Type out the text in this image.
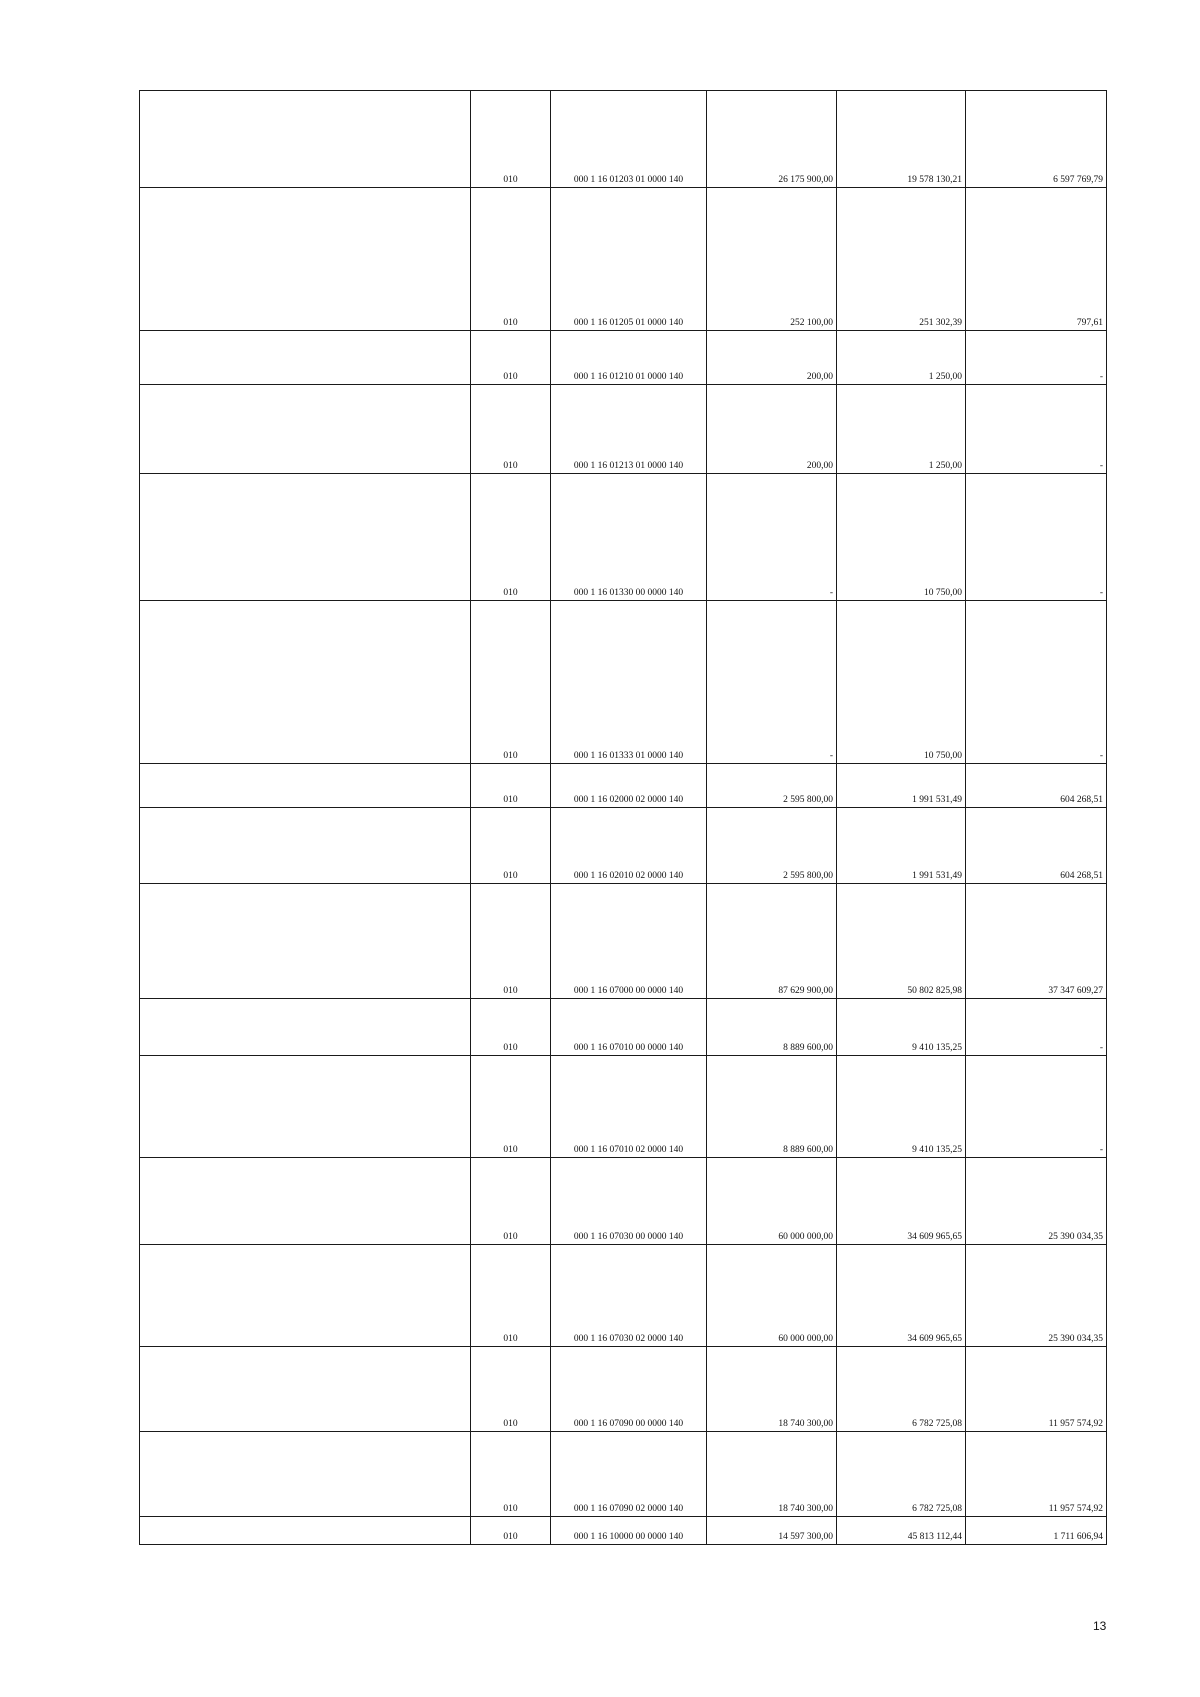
	010	000 1 16 01203 01 0000 140	26 175 900,00	19 578 130,21	6 597 769,79
	010	000 1 16 01205 01 0000 140	252 100,00	251 302,39	797,61
	010	000 1 16 01210 01 0000 140	200,00	1 250,00	-
	010	000 1 16 01213 01 0000 140	200,00	1 250,00	-
	010	000 1 16 01330 00 0000 140	-	10 750,00	-
	010	000 1 16 01333 01 0000 140	-	10 750,00	-
	010	000 1 16 02000 02 0000 140	2 595 800,00	1 991 531,49	604 268,51
	010	000 1 16 02010 02 0000 140	2 595 800,00	1 991 531,49	604 268,51
	010	000 1 16 07000 00 0000 140	87 629 900,00	50 802 825,98	37 347 609,27
	010	000 1 16 07010 00 0000 140	8 889 600,00	9 410 135,25	-
	010	000 1 16 07010 02 0000 140	8 889 600,00	9 410 135,25	-
	010	000 1 16 07030 00 0000 140	60 000 000,00	34 609 965,65	25 390 034,35
	010	000 1 16 07030 02 0000 140	60 000 000,00	34 609 965,65	25 390 034,35
	010	000 1 16 07090 00 0000 140	18 740 300,00	6 782 725,08	11 957 574,92
	010	000 1 16 07090 02 0000 140	18 740 300,00	6 782 725,08	11 957 574,92
	010	000 1 16 10000 00 0000 140	14 597 300,00	45 813 112,44	1 711 606,94
13
